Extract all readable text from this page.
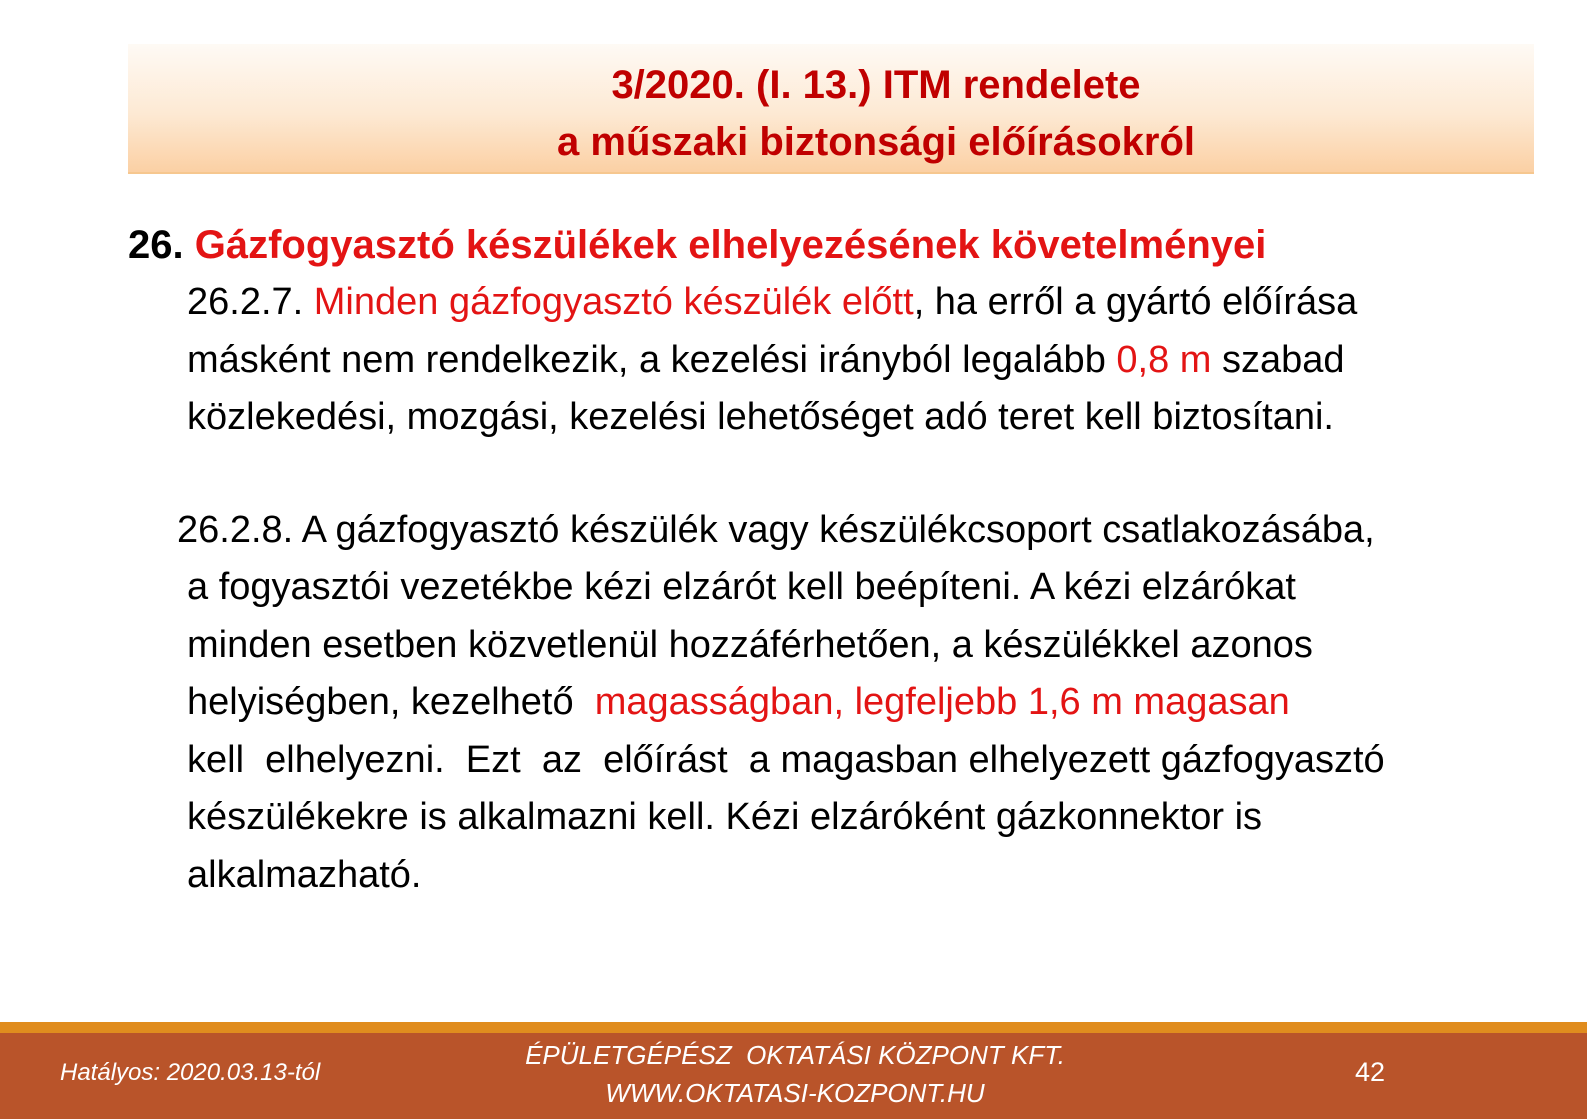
3/2020. (I. 13.) ITM rendelete
a műszaki biztonsági előírásokról
26. Gázfogyasztó készülékek elhelyezésének követelményei
26.2.7. Minden gázfogyasztó készülék előtt, ha erről a gyártó előírása
másként nem rendelkezik, a kezelési irányból legalább 0,8 m szabad
közlekedési, mozgási, kezelési lehetőséget adó teret kell biztosítani.
26.2.8. A gázfogyasztó készülék vagy készülékcsoport csatlakozásába,
a fogyasztói vezetékbe kézi elzárót kell beépíteni. A kézi elzárókat
minden esetben közvetlenül hozzáférhetően, a készülékkel azonos
helyiségben, kezelhető magasságban, legfeljebb 1,6 m magasan
kell  elhelyezni.  Ezt  az  előírást  a magasban elhelyezett gázfogyasztó
készülékekre is alkalmazni kell. Kézi elzáróként gázkonnektor is
alkalmazható.
Hatályos: 2020.03.13-tól
ÉPÜLETGÉPÉSZ  OKTATÁSI KÖZPONT KFT.
WWW.OKTATASI-KOZPONT.HU
42
